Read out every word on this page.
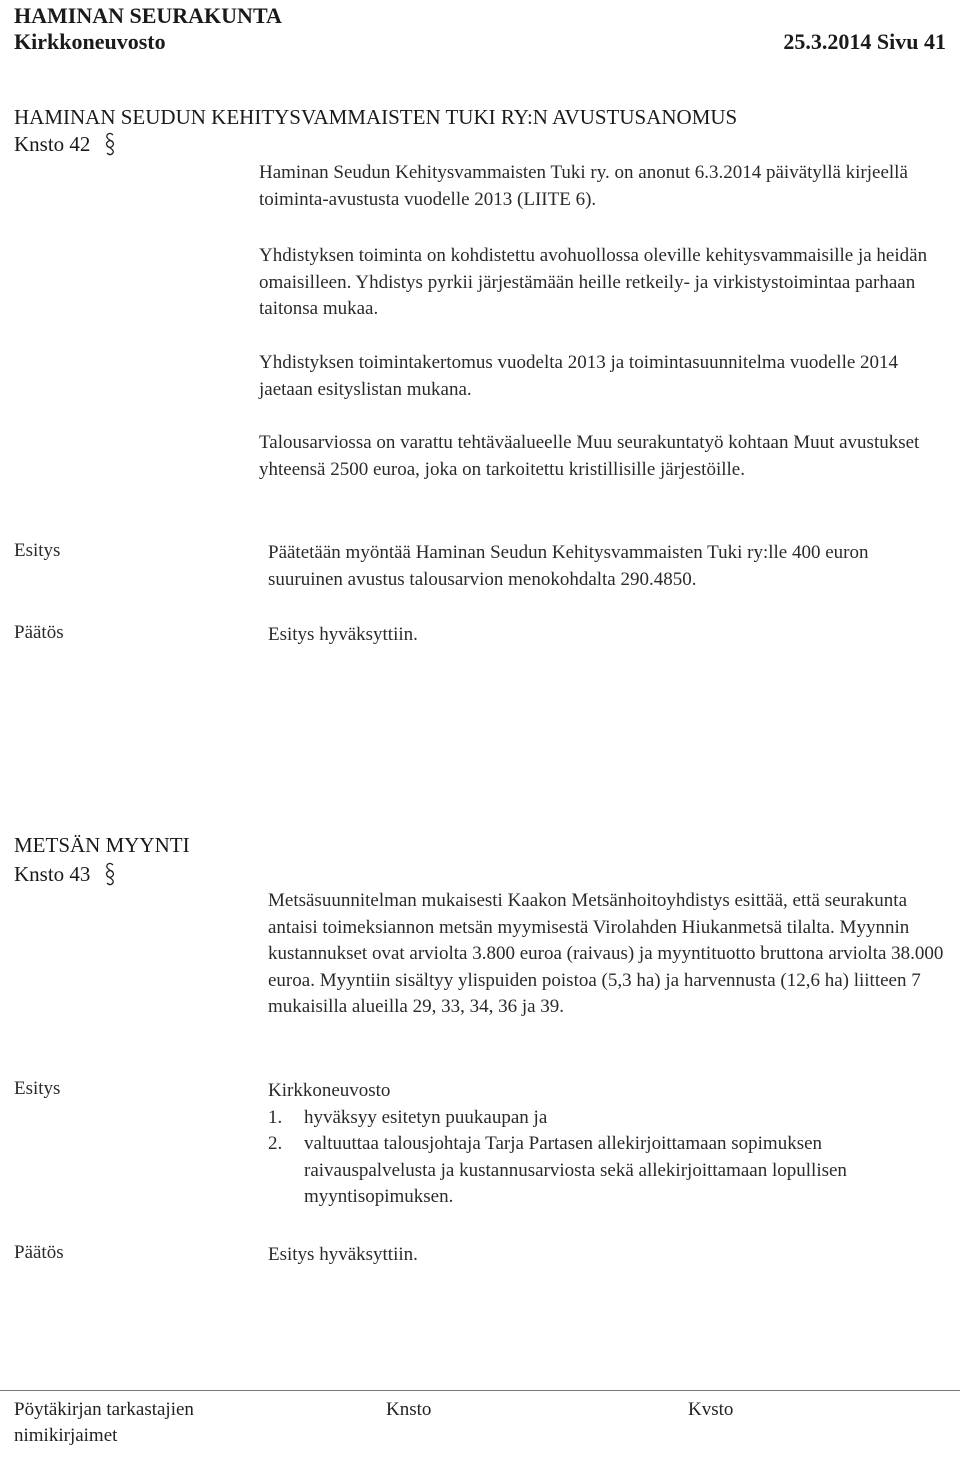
HAMINAN SEURAKUNTA
Kirkkoneuvosto	25.3.2014 Sivu 41
HAMINAN SEUDUN KEHITYSVAMMAISTEN TUKI RY:N AVUSTUSANOMUS
Knsto 42
Haminan Seudun Kehitysvammaisten Tuki ry. on anonut 6.3.2014 päivätyllä kirjeellä toiminta-avustusta vuodelle 2013 (LIITE 6).
Yhdistyksen toiminta on kohdistettu avohuollossa oleville kehitysvammaisille ja heidän omaisilleen. Yhdistys pyrkii järjestämään heille retkeily- ja virkistystoimintaa parhaan taitonsa mukaa.
Yhdistyksen toimintakertomus vuodelta 2013 ja toimintasuunnitelma vuodelle 2014 jaetaan esityslistan mukana.
Talousarviossa on varattu tehtäväalueelle Muu seurakuntatyö kohtaan Muut avustukset yhteensä 2500 euroa, joka on tarkoitettu kristillisille järjestöille.
Esitys	Päätetään myöntää Haminan Seudun Kehitysvammaisten Tuki ry:lle 400 euron suuruinen avustus talousarvion menokohdalta 290.4850.
Päätös	Esitys hyväksyttiin.
METSÄN MYYNTI
Knsto 43
Metsäsuunnitelman mukaisesti Kaakon Metsänhoitoyhdistys esittää, että seurakunta antaisi toimeksiannon metsän myymisestä Virolahden Hiukanmetsä tilalta. Myynnin kustannukset ovat arviolta 3.800 euroa (raivaus) ja myyntituotto bruttona arviolta 38.000 euroa. Myyntiin sisältyy ylispuiden poistoa (5,3 ha) ja harvennusta (12,6 ha) liitteen 7 mukaisilla alueilla 29, 33, 34, 36 ja 39.
Esitys	Kirkkoneuvosto
1. hyväksyy esitetyn puukaupan ja
2. valtuuttaa talousjohtaja Tarja Partasen allekirjoittamaan sopimuksen raivauspalvelusta ja kustannusarviosta sekä allekirjoittamaan lopullisen myyntisopimuksen.
Päätös	Esitys hyväksyttiin.
Pöytäkirjan tarkastajien nimikirjaimet
Knsto	Kvsto
